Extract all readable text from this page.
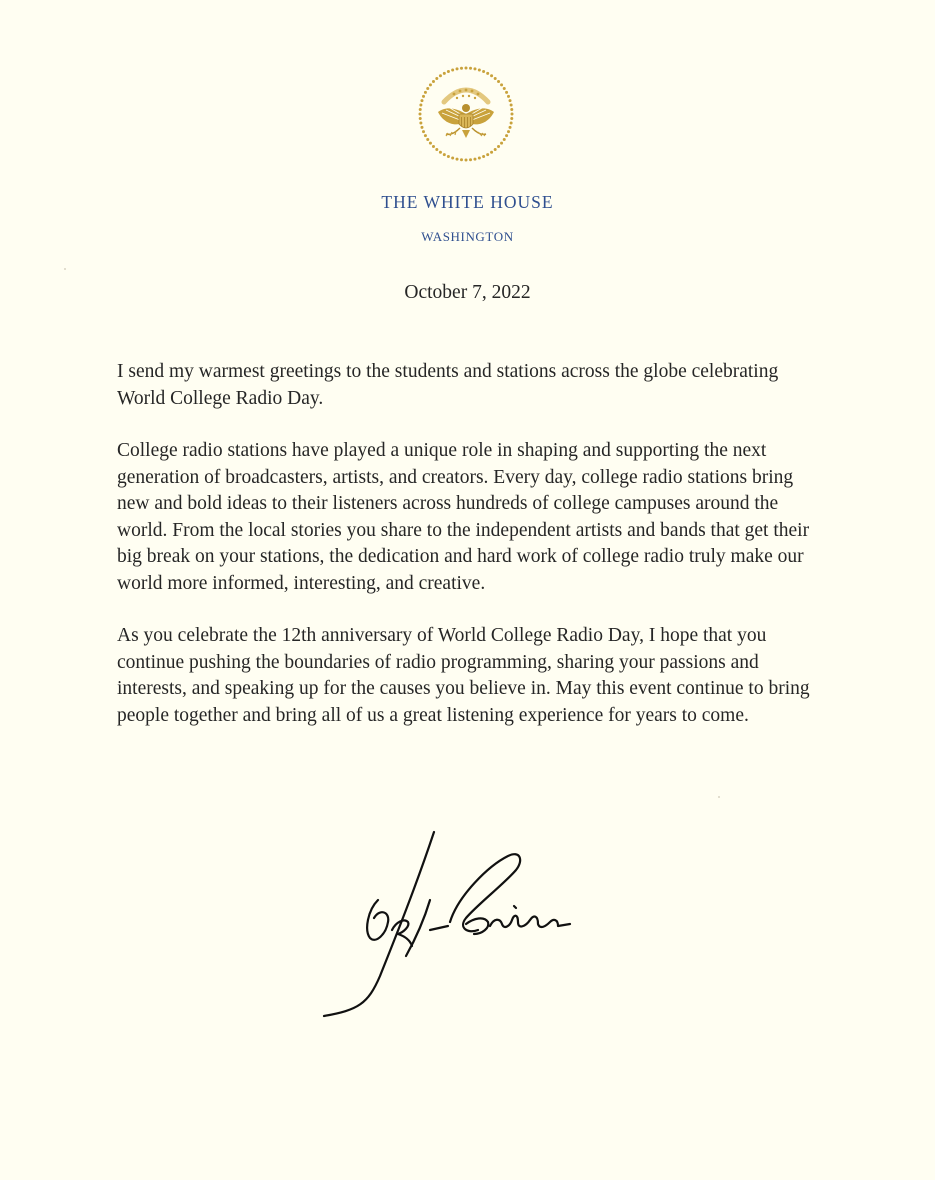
THE WHITE HOUSE
WASHINGTON
October 7, 2022

I send my warmest greetings to the students and stations across the globe celebrating World College Radio Day.

College radio stations have played a unique role in shaping and supporting the next generation of broadcasters, artists, and creators. Every day, college radio stations bring new and bold ideas to their listeners across hundreds of college campuses around the world. From the local stories you share to the independent artists and bands that get their big break on your stations, the dedication and hard work of college radio truly make our world more informed, interesting, and creative.

As you celebrate the 12th anniversary of World College Radio Day, I hope that you continue pushing the boundaries of radio programming, sharing your passions and interests, and speaking up for the causes you believe in. May this event continue to bring people together and bring all of us a great listening experience for years to come.
